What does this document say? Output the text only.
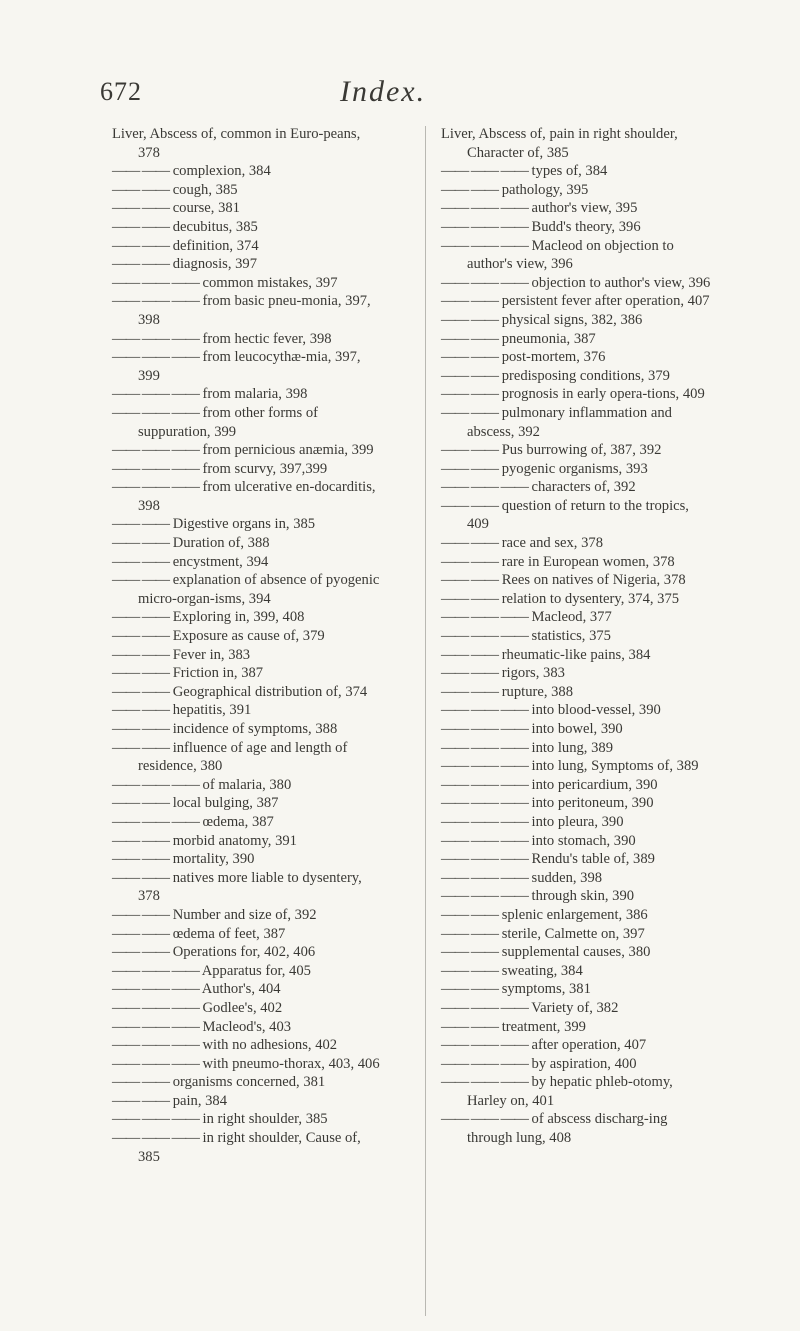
672	Index.

Liver, Abscess of, common in Euro-peans, 378

—— —— complexion, 384

—— —— cough, 385

—— —— course, 381

—— —— decubitus, 385

—— —— definition, 374

—— —— diagnosis, 397

—— —— —— common mistakes, 397

—— —— —— from basic pneu-monia, 397, 398

—— —— —— from hectic fever, 398

—— —— —— from leucocythæ-mia, 397, 399

—— —— —— from malaria, 398

—— —— —— from other forms of suppuration, 399

—— —— —— from pernicious anæmia, 399

—— —— —— from scurvy, 397,399

—— —— —— from ulcerative en-docarditis, 398

—— —— Digestive organs in, 385

—— —— Duration of, 388

—— —— encystment, 394

—— —— explanation of absence of pyogenic micro-organ-isms, 394

—— —— Exploring in, 399, 408

—— —— Exposure as cause of, 379

—— —— Fever in, 383

—— —— Friction in, 387

—— —— Geographical distribution of, 374

—— —— hepatitis, 391

—— —— incidence of symptoms, 388

—— —— influence of age and length of residence, 380

—— —— —— of malaria, 380

—— —— local bulging, 387

—— —— —— œdema, 387

—— —— morbid anatomy, 391

—— —— mortality, 390

—— —— natives more liable to dysentery, 378

—— —— Number and size of, 392

—— —— œdema of feet, 387

—— —— Operations for, 402, 406

—— —— —— Apparatus for, 405

—— —— —— Author's, 404

—— —— —— Godlee's, 402

—— —— —— Macleod's, 403

—— —— —— with no adhesions, 402

—— —— —— with pneumo-thorax, 403, 406

—— —— organisms concerned, 381

—— —— pain, 384

—— —— —— in right shoulder, 385

—— —— —— in right shoulder, Cause of, 385

Liver, Abscess of, pain in right shoulder, Character of, 385

—— —— —— types of, 384

—— —— pathology, 395

—— —— —— author's view, 395

—— —— —— Budd's theory, 396

—— —— —— Macleod on objection to author's view, 396

—— —— —— objection to author's view, 396

—— —— persistent fever after operation, 407

—— —— physical signs, 382, 386

—— —— pneumonia, 387

—— —— post-mortem, 376

—— —— predisposing conditions, 379

—— —— prognosis in early opera-tions, 409

—— —— pulmonary inflammation and abscess, 392

—— —— Pus burrowing of, 387, 392

—— —— pyogenic organisms, 393

—— —— —— characters of, 392

—— —— question of return to the tropics, 409

—— —— race and sex, 378

—— —— rare in European women, 378

—— —— Rees on natives of Nigeria, 378

—— —— relation to dysentery, 374, 375

—— —— —— Macleod, 377

—— —— —— statistics, 375

—— —— rheumatic-like pains, 384

—— —— rigors, 383

—— —— rupture, 388

—— —— —— into blood-vessel, 390

—— —— —— into bowel, 390

—— —— —— into lung, 389

—— —— —— into lung, Symptoms of, 389

—— —— —— into pericardium, 390

—— —— —— into peritoneum, 390

—— —— —— into pleura, 390

—— —— —— into stomach, 390

—— —— —— Rendu's table of, 389

—— —— —— sudden, 398

—— —— —— through skin, 390

—— —— splenic enlargement, 386

—— —— sterile, Calmette on, 397

—— —— supplemental causes, 380

—— —— sweating, 384

—— —— symptoms, 381

—— —— —— Variety of, 382

—— —— treatment, 399

—— —— —— after operation, 407

—— —— —— by aspiration, 400

—— —— —— by hepatic phleb-otomy, Harley on, 401

—— —— —— of abscess discharg-ing through lung, 408
